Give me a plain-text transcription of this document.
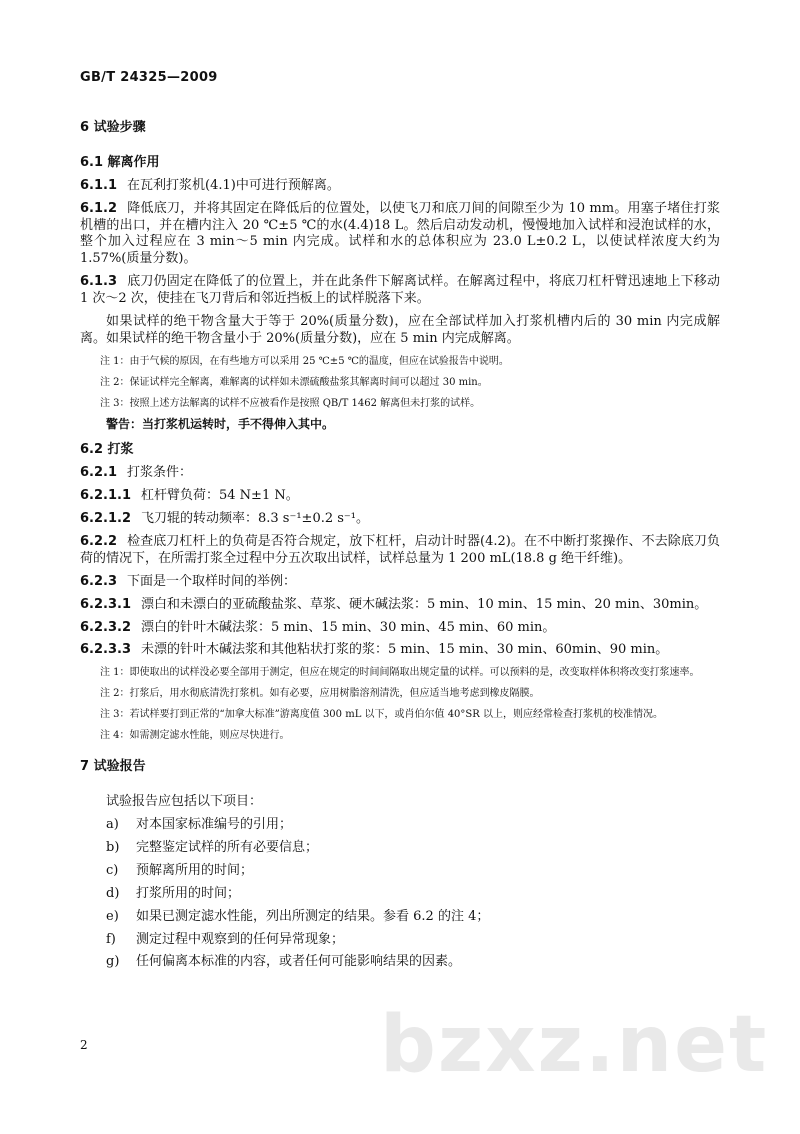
GB/T 24325—2009
6 试验步骤
6.1 解离作用
6.1.1 在瓦利打浆机(4.1)中可进行预解离。
6.1.2 降低底刀，并将其固定在降低后的位置处，以使飞刀和底刀间的间隙至少为 10 mm。用塞子堵住打浆机槽的出口，并在槽内注入 20 ℃±5 ℃的水(4.4)18 L。然后启动发动机，慢慢地加入试样和浸泡试样的水，整个加入过程应在 3 min～5 min 内完成。试样和水的总体积应为 23.0 L±0.2 L，以使试样浓度大约为 1.57%(质量分数)。
6.1.3 底刀仍固定在降低了的位置上，并在此条件下解离试样。在解离过程中，将底刀杠杆臂迅速地上下移动 1 次～2 次，使挂在飞刀背后和邻近挡板上的试样脱落下来。
如果试样的绝干物含量大于等于 20%(质量分数)，应在全部试样加入打浆机槽内后的 30 min 内完成解离。如果试样的绝干物含量小于 20%(质量分数)，应在 5 min 内完成解离。
注 1：由于气候的原因，在有些地方可以采用 25 ℃±5 ℃的温度，但应在试验报告中说明。
注 2：保证试样完全解离，难解离的试样如未漂硫酸盐浆其解离时间可以超过 30 min。
注 3：按照上述方法解离的试样不应被看作是按照 QB/T 1462 解离但未打浆的试样。
警告：当打浆机运转时，手不得伸入其中。
6.2 打浆
6.2.1 打浆条件：
6.2.1.1 杠杆臂负荷：54 N±1 N。
6.2.1.2 飞刀辊的转动频率：8.3 s⁻¹±0.2 s⁻¹。
6.2.2 检查底刀杠杆上的负荷是否符合规定，放下杠杆，启动计时器(4.2)。在不中断打浆操作、不去除底刀负荷的情况下，在所需打浆全过程中分五次取出试样，试样总量为 1 200 mL(18.8 g 绝干纤维)。
6.2.3 下面是一个取样时间的举例：
6.2.3.1 漂白和未漂白的亚硫酸盐浆、草浆、硬木碱法浆：5 min、10 min、15 min、20 min、30min。
6.2.3.2 漂白的针叶木碱法浆：5 min、15 min、30 min、45 min、60 min。
6.2.3.3 未漂的针叶木碱法浆和其他粘状打浆的浆：5 min、15 min、30 min、60min、90 min。
注 1：即使取出的试样没必要全部用于测定，但应在规定的时间间隔取出规定量的试样。可以预料的是，改变取样体积将改变打浆速率。
注 2：打浆后，用水彻底清洗打浆机。如有必要，应用树脂溶剂清洗，但应适当地考虑到橡皮隔膜。
注 3：若试样要打到正常的“加拿大标准”游离度值 300 mL 以下，或肖伯尔值 40°SR 以上，则应经常检查打浆机的校准情况。
注 4：如需测定滤水性能，则应尽快进行。
7 试验报告
试验报告应包括以下项目：
a) 对本国家标准编号的引用；
b) 完整鉴定试样的所有必要信息；
c) 预解离所用的时间；
d) 打浆所用的时间；
e) 如果已测定滤水性能，列出所测定的结果。参看 6.2 的注 4；
f) 测定过程中观察到的任何异常现象；
g) 任何偏离本标准的内容，或者任何可能影响结果的因素。
bzxz.net
2
